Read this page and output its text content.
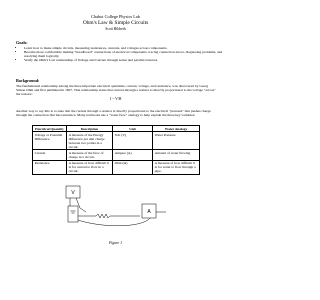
Chabot College Physics Lab
Ohm's Law & Simple Circuits
Scott Hildreth
Goals:
• Learn how to make simple circuits, measuring resistances, currents, and voltages across components.
• Become more comfortable making "breadboard" connections of electrical components, tracing connection errors, diagnosing problems, and resolving them logically.
• Verify the Ohm's Law relationship of Voltage and Current through series and parallel resistors.
Background:

The fundamental relationship among the three important electrical quantities, current, voltage, and resistance, was discovered by Georg Simon Ohm and first published in 1827. This relationship states that current through a resistor is directly proportional to the voltage "across" the resistor:

I ~ V/R

Another way to say this is to state that the current through a resistor is directly proportional to the electrical "pressure" that pushes charge through the connection that has resistance. Many textbooks use a "water flow" analogy to help explain the three key variables:

Electrical Quantity	Description	Unit	Water Analogy
Voltage or Potential Difference	A measure of the Energy difference per unit charge between two points in a circuit.	Volt (V)	Water Pressure
Current	A measure of the flow of charge in a circuit.	Ampere (A)	Amount of water flowing
Resistance	A measure of how difficult it is for current to flow in a circuit.	Ohm (Ω)	A measure of how difficult it is for water to flow through a pipe.
V
A
Figure 1
